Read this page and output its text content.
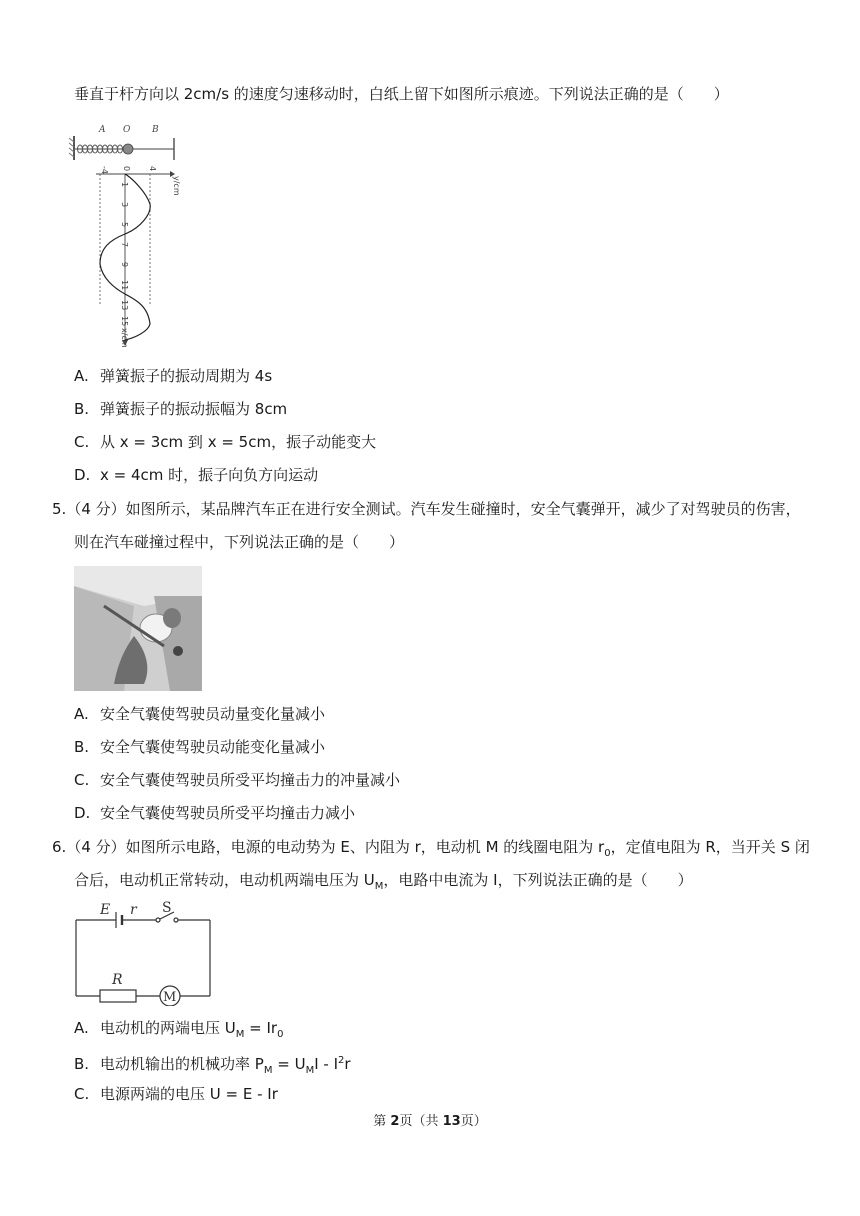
垂直于杆方向以 2cm/s 的速度匀速移动时，白纸上留下如图所示痕迹。下列说法正确的是（　　）
A O B
-4 0 4
y/cm
1
3
5
7
9
11
13
15
x/cm
A. 弹簧振子的振动周期为 4s
B. 弹簧振子的振动振幅为 8cm
C. 从 x = 3cm 到 x = 5cm，振子动能变大
D. x = 4cm 时，振子向负方向运动
5.（4 分）如图所示，某品牌汽车正在进行安全测试。汽车发生碰撞时，安全气囊弹开，减少了对驾驶员的伤害，
则在汽车碰撞过程中，下列说法正确的是（　　）
A. 安全气囊使驾驶员动量变化量减小
B. 安全气囊使驾驶员动能变化量减小
C. 安全气囊使驾驶员所受平均撞击力的冲量减小
D. 安全气囊使驾驶员所受平均撞击力减小
6.（4 分）如图所示电路，电源的电动势为 E、内阻为 r，电动机 M 的线圈电阻为 $r_0$，定值电阻为 R，当开关 S 闭
合后，电动机正常转动，电动机两端电压为 $U_M$，电路中电流为 I，下列说法正确的是（　　）
E r S
R
M
A. 电动机的两端电压 $U_M = Ir_0$
B. 电动机输出的机械功率 $P_M = U_MI - I^2r$
C. 电源两端的电压 U = E - Ir
第 2页（共 13页）
